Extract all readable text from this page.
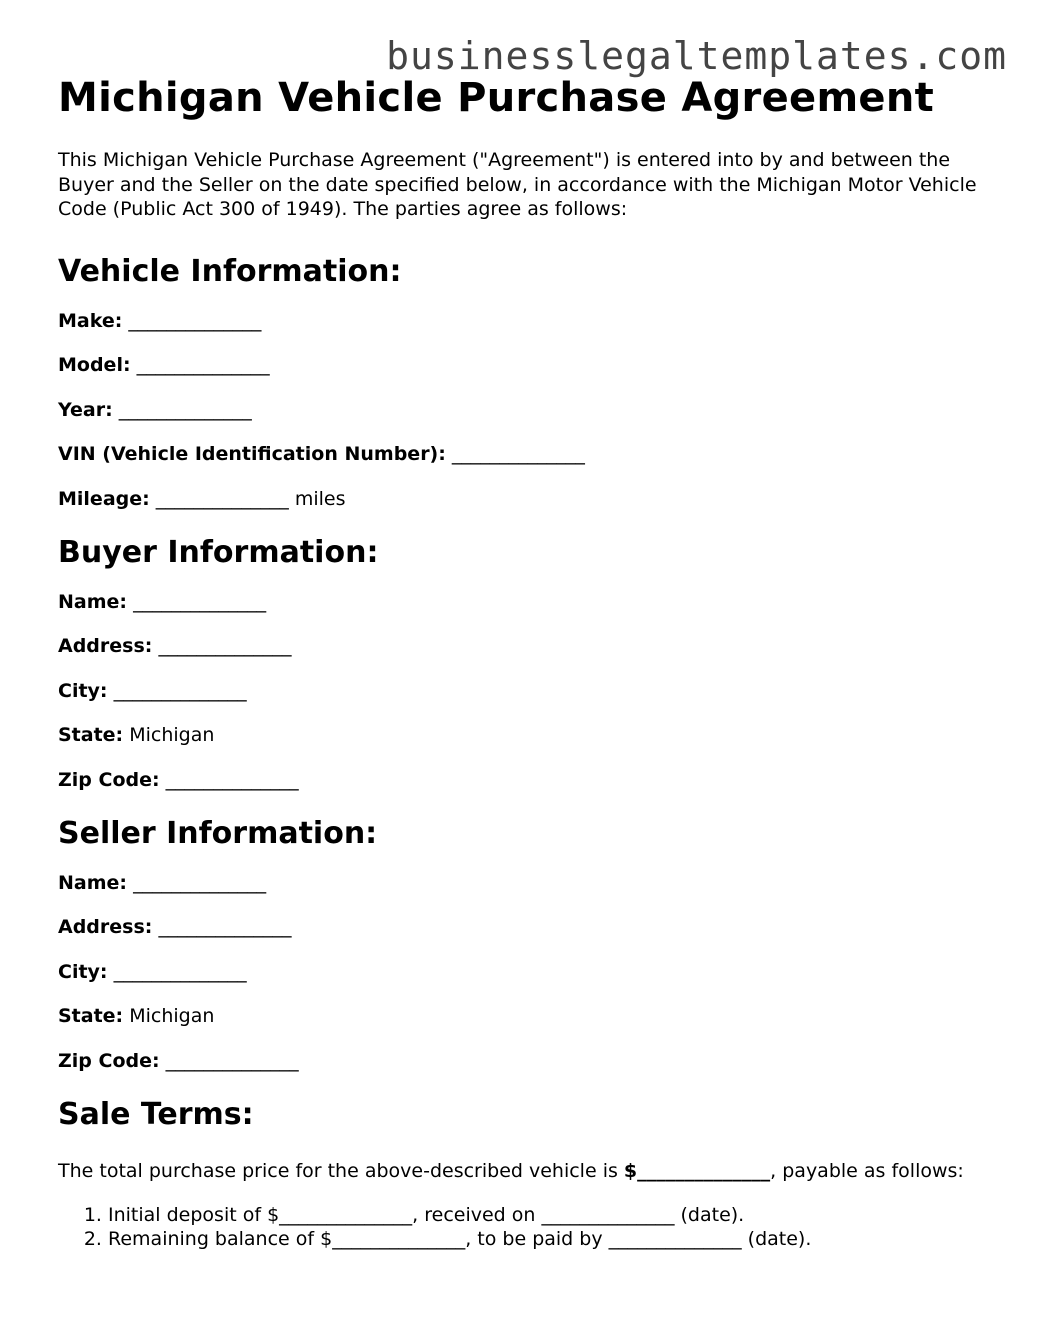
businesslegaltemplates.com
Michigan Vehicle Purchase Agreement

This Michigan Vehicle Purchase Agreement ("Agreement") is entered into by and between the Buyer and the Seller on the date specified below, in accordance with the Michigan Motor Vehicle Code (Public Act 300 of 1949). The parties agree as follows:

Vehicle Information:

Make: ______________

Model: ______________

Year: ______________

VIN (Vehicle Identification Number): ______________

Mileage: ______________ miles

Buyer Information:

Name: ______________

Address: ______________

City: ______________

State: Michigan

Zip Code: ______________

Seller Information:

Name: ______________

Address: ______________

City: ______________

State: Michigan

Zip Code: ______________

Sale Terms:

The total purchase price for the above-described vehicle is $______________, payable as follows:

1. Initial deposit of $______________, received on ______________ (date).
2. Remaining balance of $______________, to be paid by ______________ (date).
